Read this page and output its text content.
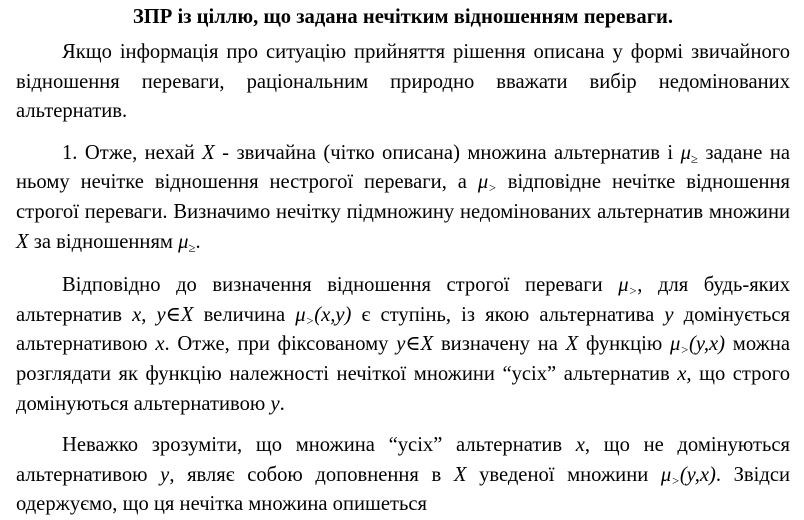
ЗПР із ціллю, що задана нечітким відношенням переваги.

Якщо інформація про ситуацію прийняття рішення описана у формі звичайного відношення переваги, раціональним природно вважати вибір недомінованих альтернатив.

1. Отже, нехай X - звичайна (чітко описана) множина альтернатив і $\mu_\ge$ задане на ньому нечітке відношення нестрогої переваги, а $\mu_>$ відповідне нечітке відношення строгої переваги. Визначимо нечітку підмножину недомінованих альтернатив множини X за відношенням $\mu_\ge$.

Відповідно до визначення відношення строгої переваги $\mu_>$, для будь-яких альтернатив x, y∈X величина $\mu_>(x,y)$ є ступінь, із якою альтернатива y домінується альтернативою x. Отже, при фіксованому y∈X визначену на X функцію $\mu_>(y,x)$ можна розглядати як функцію належності нечіткої множини “усіх” альтернатив x, що строго домінуються альтернативою y.

Неважко зрозуміти, що множина “усіх” альтернатив x, що не домінуються альтернативою y, являє собою доповнення в X уведеної множини $\mu_>(y,x)$. Звідси одержуємо, що ця нечітка множина опишеться
